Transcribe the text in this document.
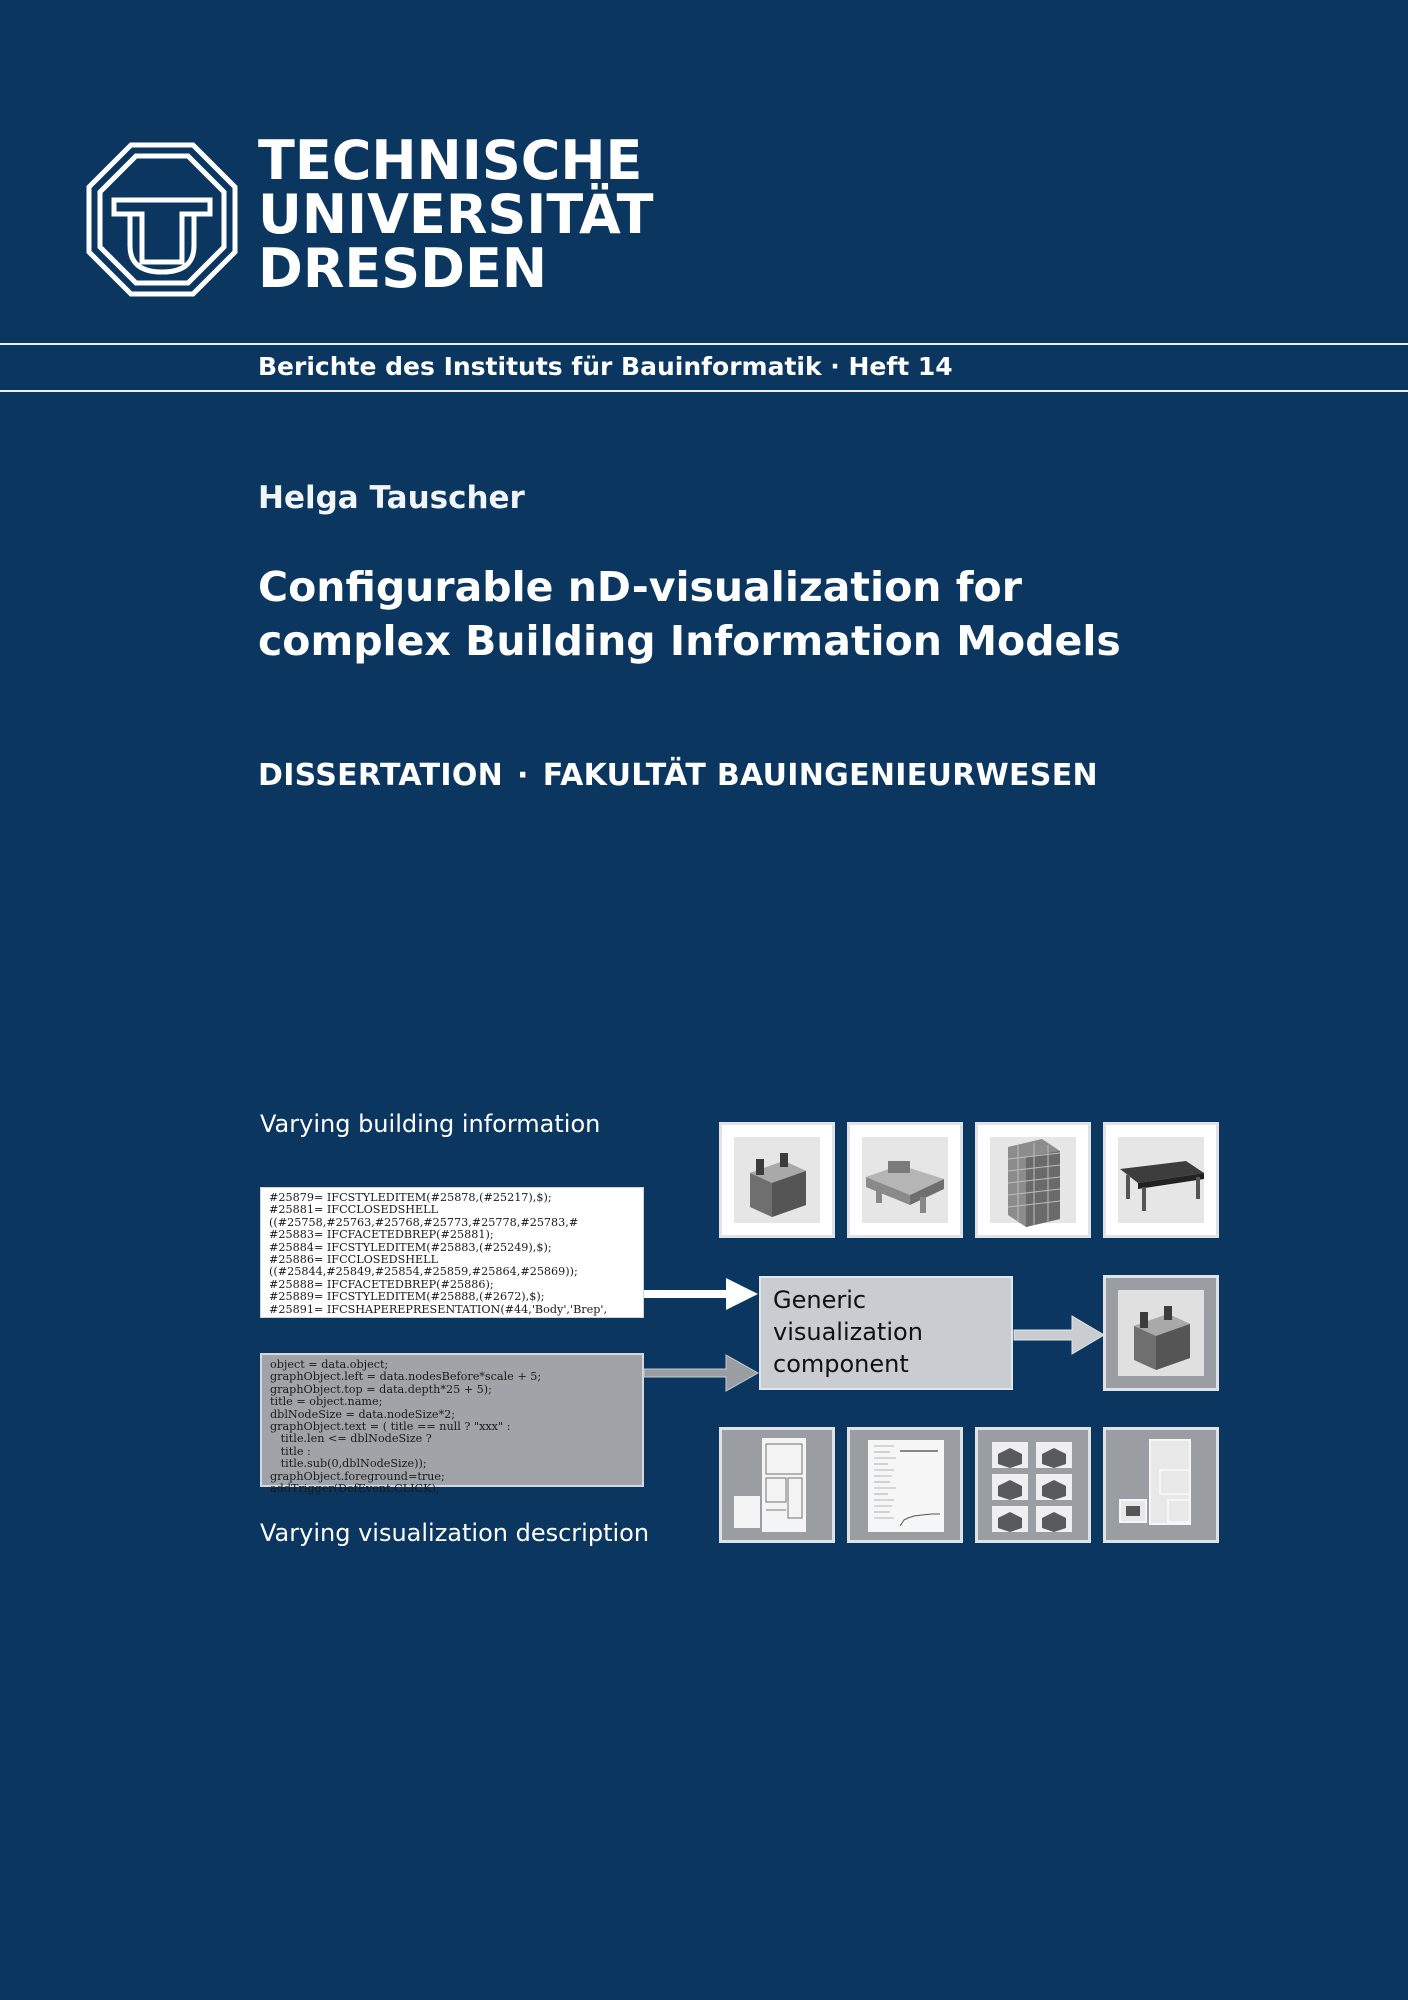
TECHNISCHE
UNIVERSITÄT
DRESDEN
Berichte des Instituts für Bauinformatik · Heft 14
Helga Tauscher
Configurable nD-visualization for
complex Building Information Models
DISSERTATION · FAKULTÄT BAUINGENIEURWESEN
Varying building information
#25879= IFCSTYLEDITEM(#25878,(#25217),$);
#25881= IFCCLOSEDSHELL
((#25758,#25763,#25768,#25773,#25778,#25783,#
#25883= IFCFACETEDBREP(#25881);
#25884= IFCSTYLEDITEM(#25883,(#25249),$);
#25886= IFCCLOSEDSHELL
((#25844,#25849,#25854,#25859,#25864,#25869));
#25888= IFCFACETEDBREP(#25886);
#25889= IFCSTYLEDITEM(#25888,(#2672),$);
#25891= IFCSHAPEREPRESENTATION(#44,'Body','Brep',
object = data.object;
graphObject.left = data.nodesBefore*scale + 5;
graphObject.top = data.depth*25 + 5);
title = object.name;
dblNodeSize = data.nodeSize*2;
graphObject.text = ( title == null ? "xxx" :
title.len <= dblNodeSize ?
title :
title.sub(0,dblNodeSize));
graphObject.foreground=true;
addTrigger(DefEvent.CLICK);
Varying visualization description
Generic
visualization
component
